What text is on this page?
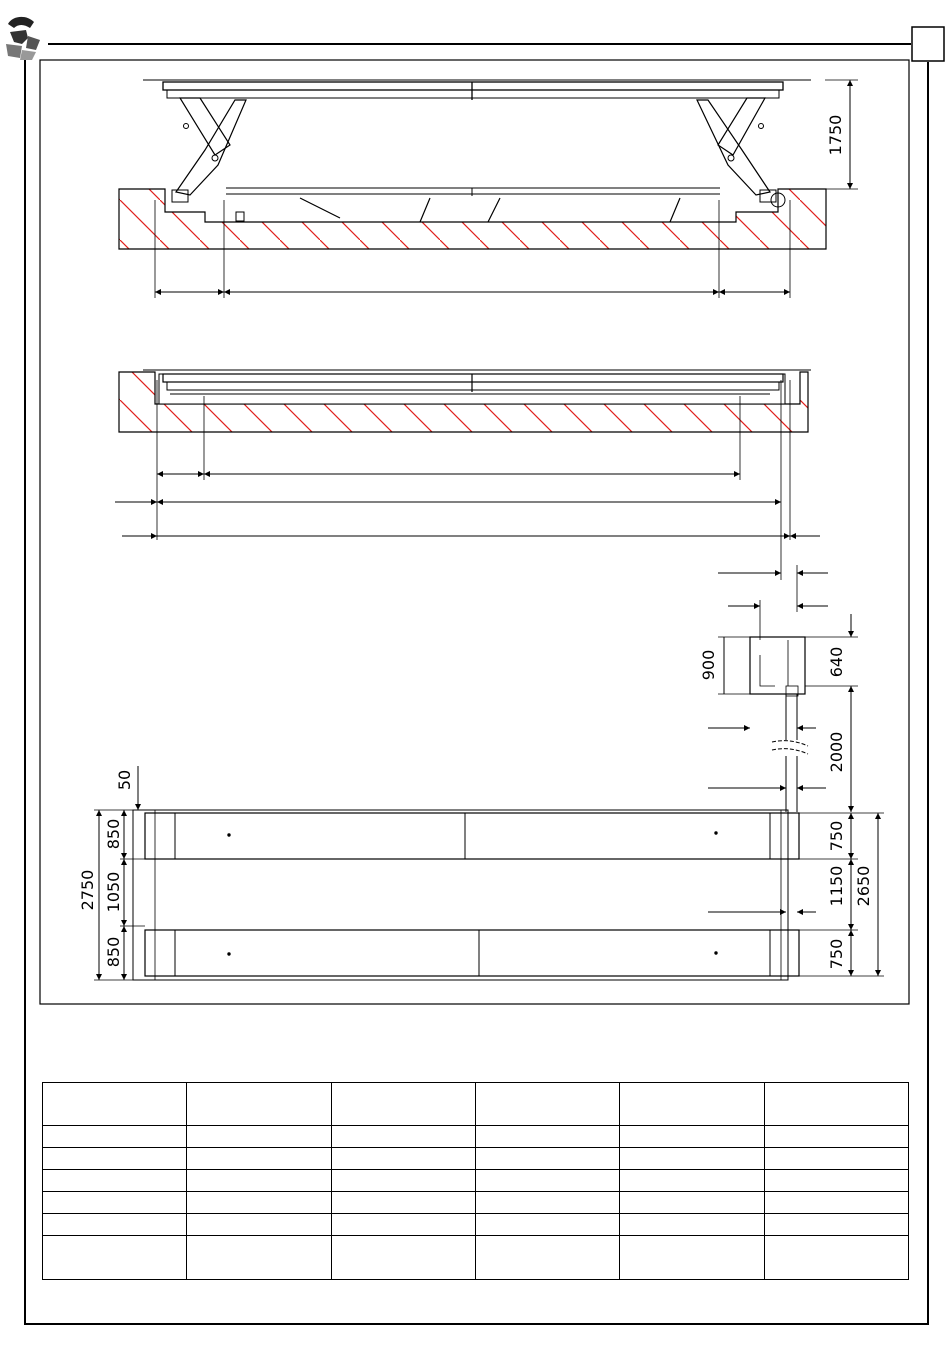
1750
900	640
2000
50
850
1050
2750
850
750
1150 2650
750
